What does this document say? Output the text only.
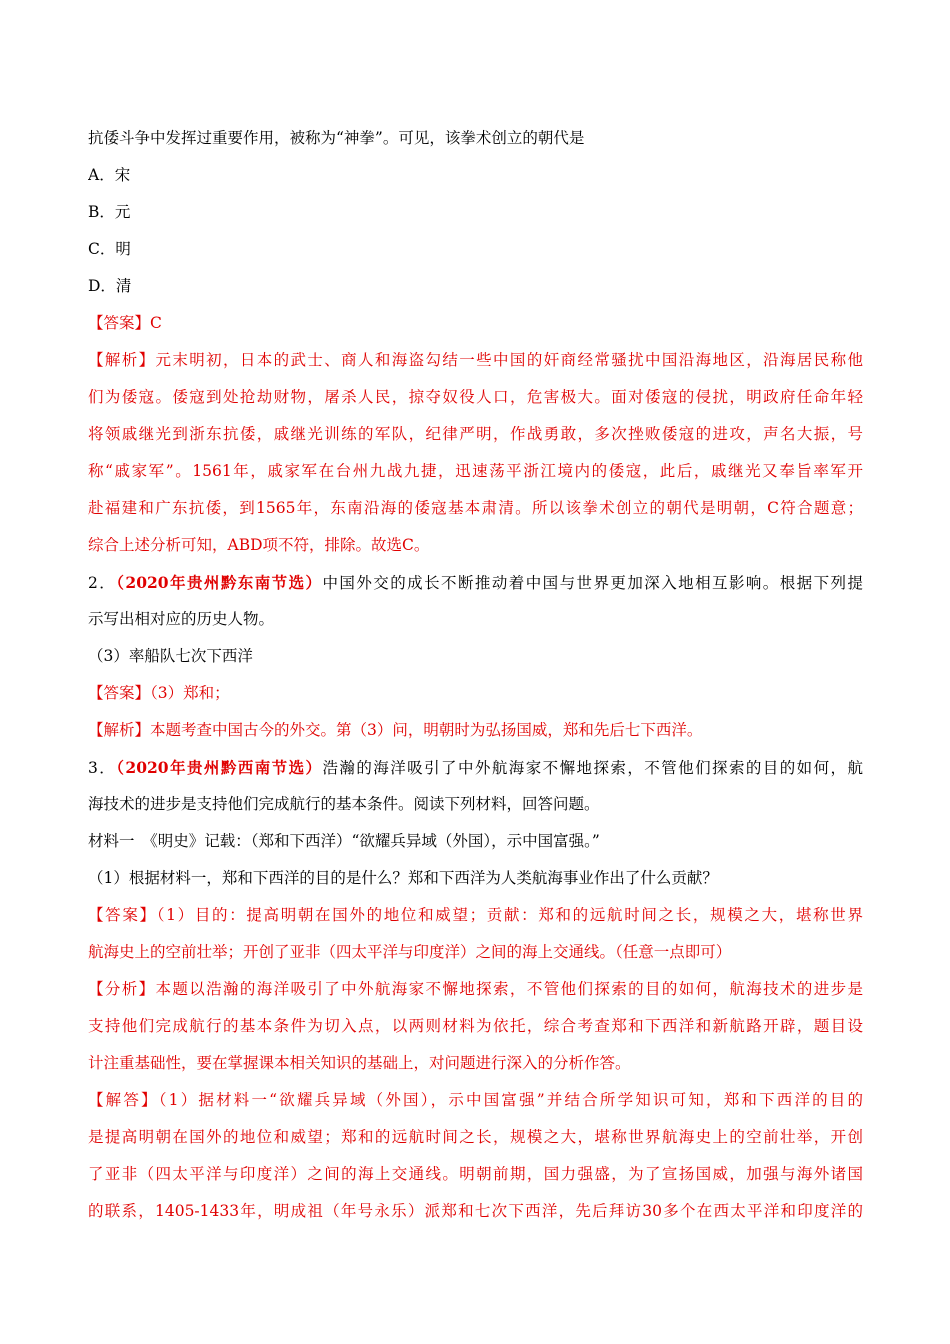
抗倭斗争中发挥过重要作用，被称为“神拳”。可见，该拳术创立的朝代是
A．宋
B．元
C．明
D．清
【答案】C
【解析】元末明初，日本的武士、商人和海盗勾结一些中国的奸商经常骚扰中国沿海地区，沿海居民称他
们为倭寇。倭寇到处抢劫财物，屠杀人民，掠夺奴役人口，危害极大。面对倭寇的侵扰，明政府任命年轻
将领戚继光到浙东抗倭，戚继光训练的军队，纪律严明，作战勇敢，多次挫败倭寇的进攻，声名大振，号
称“戚家军”。1561年，戚家军在台州九战九捷，迅速荡平浙江境内的倭寇，此后，戚继光又奉旨率军开
赴福建和广东抗倭，到1565年，东南沿海的倭寇基本肃清。所以该拳术创立的朝代是明朝，C符合题意；
综合上述分析可知，ABD项不符，排除。故选C。
2．（2020年贵州黔东南节选）中国外交的成长不断推动着中国与世界更加深入地相互影响。根据下列提
示写出相对应的历史人物。
（3）率船队七次下西洋
【答案】（3）郑和；
【解析】本题考查中国古今的外交。第（3）问，明朝时为弘扬国威，郑和先后七下西洋。
3．（2020年贵州黔西南节选）浩瀚的海洋吸引了中外航海家不懈地探索，不管他们探索的目的如何，航
海技术的进步是支持他们完成航行的基本条件。阅读下列材料，回答问题。
材料一　《明史》记载：（郑和下西洋）“欲耀兵异域（外国），示中国富强。”
（1）根据材料一，郑和下西洋的目的是什么？郑和下西洋为人类航海事业作出了什么贡献？
【答案】（1）目的：提高明朝在国外的地位和威望；贡献：郑和的远航时间之长，规模之大，堪称世界
航海史上的空前壮举；开创了亚非（四太平洋与印度洋）之间的海上交通线。（任意一点即可）
【分析】本题以浩瀚的海洋吸引了中外航海家不懈地探索，不管他们探索的目的如何，航海技术的进步是
支持他们完成航行的基本条件为切入点，以两则材料为依托，综合考查郑和下西洋和新航路开辟，题目设
计注重基础性，要在掌握课本相关知识的基础上，对问题进行深入的分析作答。
【解答】（1）据材料一“欲耀兵异域（外国），示中国富强”并结合所学知识可知，郑和下西洋的目的
是提高明朝在国外的地位和威望；郑和的远航时间之长，规模之大，堪称世界航海史上的空前壮举，开创
了亚非（四太平洋与印度洋）之间的海上交通线。明朝前期，国力强盛，为了宣扬国威，加强与海外诸国
的联系，1405-1433年，明成祖（年号永乐）派郑和七次下西洋，先后拜访30多个在西太平洋和印度洋的
